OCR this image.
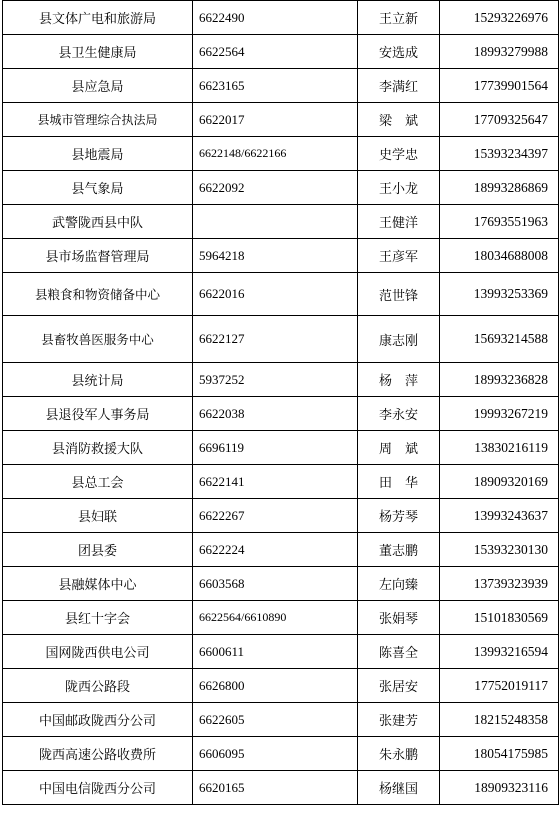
县文体广电和旅游局	6622490	王立新	15293226976
县卫生健康局	6622564	安选成	18993279988
县应急局	6623165	李满红	17739901564
县城市管理综合执法局	6622017	梁　斌	17709325647
县地震局	6622148/6622166	史学忠	15393234397
县气象局	6622092	王小龙	18993286869
武警陇西县中队		王健洋	17693551963
县市场监督管理局	5964218	王彦军	18034688008
县粮食和物资储备中心	6622016	范世锋	13993253369
县畜牧兽医服务中心	6622127	康志刚	15693214588
县统计局	5937252	杨　萍	18993236828
县退役军人事务局	6622038	李永安	19993267219
县消防救援大队	6696119	周　斌	13830216119
县总工会	6622141	田　华	18909320169
县妇联	6622267	杨芳琴	13993243637
团县委	6622224	董志鹏	15393230130
县融媒体中心	6603568	左向臻	13739323939
县红十字会	6622564/6610890	张娟琴	15101830569
国网陇西供电公司	6600611	陈喜全	13993216594
陇西公路段	6626800	张居安	17752019117
中国邮政陇西分公司	6622605	张建芳	18215248358
陇西高速公路收费所	6606095	朱永鹏	18054175985
中国电信陇西分公司	6620165	杨继国	18909323116
